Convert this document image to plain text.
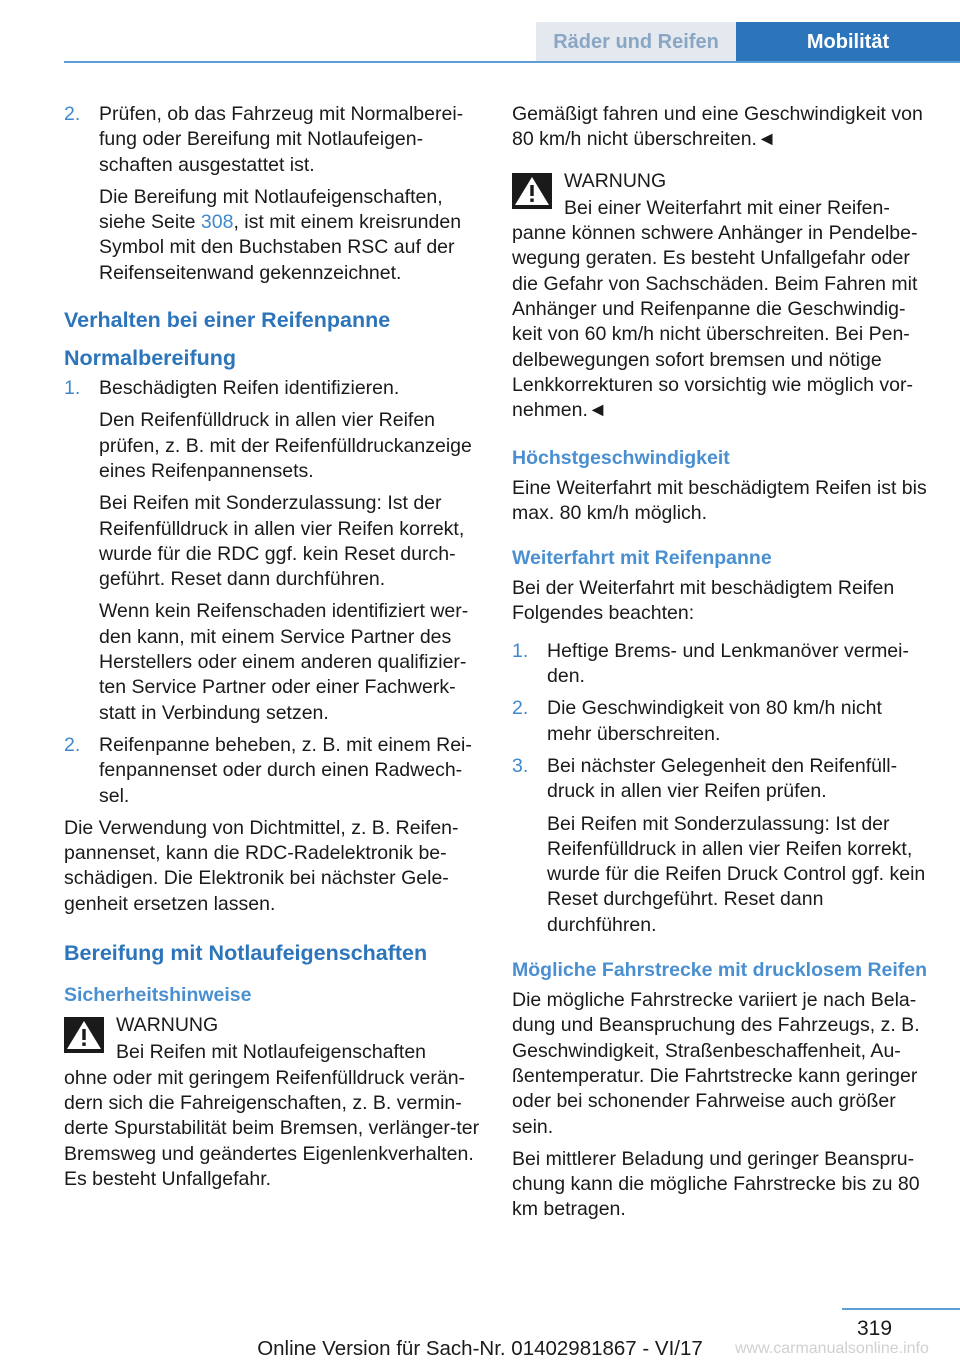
Räder und Reifen	Mobilität
2. Prüfen, ob das Fahrzeug mit Normalberei‐fung oder Bereifung mit Notlaufeigen‐schaften ausgestattet ist.

Die Bereifung mit Notlaufeigenschaften, siehe Seite 308, ist mit einem kreisrunden Symbol mit den Buchstaben RSC auf der Reifenseitenwand gekennzeichnet.

Verhalten bei einer Reifenpanne
Normalbereifung
1. Beschädigten Reifen identifizieren.

Den Reifenfülldruck in allen vier Reifen prüfen, z. B. mit der Reifenfülldruckanzeige eines Reifenpannensets.

Bei Reifen mit Sonderzulassung: Ist der Reifenfülldruck in allen vier Reifen korrekt, wurde für die RDC ggf. kein Reset durch‐geführt. Reset dann durchführen.

Wenn kein Reifenschaden identifiziert wer‐den kann, mit einem Service Partner des Herstellers oder einem anderen qualifizier‐ten Service Partner oder einer Fachwerk‐statt in Verbindung setzen.

2. Reifenpanne beheben, z. B. mit einem Rei‐fenpannenset oder durch einen Radwech‐sel.

Die Verwendung von Dichtmittel, z. B. Reifen‐pannenset, kann die RDC-Radelektronik be‐schädigen. Die Elektronik bei nächster Gele‐genheit ersetzen lassen.

Bereifung mit Notlaufeigenschaften
Sicherheitshinweise
WARNUNG
Bei Reifen mit Notlaufeigenschaften

ohne oder mit geringem Reifenfülldruck verän‐dern sich die Fahreigenschaften, z. B. vermin‐derte Spurstabilität beim Bremsen, verlänger‐ter Bremsweg und geändertes Eigenlenkverhalten. Es besteht Unfallgefahr.

Gemäßigt fahren und eine Geschwindigkeit von 80 km/h nicht überschreiten.◄

WARNUNG
Bei einer Weiterfahrt mit einer Reifen‐

panne können schwere Anhänger in Pendelbe‐wegung geraten. Es besteht Unfallgefahr oder die Gefahr von Sachschäden. Beim Fahren mit Anhänger und Reifenpanne die Geschwindig‐keit von 60 km/h nicht überschreiten. Bei Pen‐delbewegungen sofort bremsen und nötige Lenkkorrekturen so vorsichtig wie möglich vor‐nehmen.◄

Höchstgeschwindigkeit

Eine Weiterfahrt mit beschädigtem Reifen ist bis max. 80 km/h möglich.

Weiterfahrt mit Reifenpanne

Bei der Weiterfahrt mit beschädigtem Reifen Folgendes beachten:

1. Heftige Brems- und Lenkmanöver vermei‐den.
2. Die Geschwindigkeit von 80 km/h nicht mehr überschreiten.
3. Bei nächster Gelegenheit den Reifenfüll‐druck in allen vier Reifen prüfen.

Bei Reifen mit Sonderzulassung: Ist der Reifenfülldruck in allen vier Reifen korrekt, wurde für die Reifen Druck Control ggf. kein Reset durchgeführt. Reset dann durchführen.

Mögliche Fahrstrecke mit drucklosem Reifen

Die mögliche Fahrstrecke variiert je nach Bela‐dung und Beanspruchung des Fahrzeugs, z. B. Geschwindigkeit, Straßenbeschaffenheit, Au‐ßentemperatur. Die Fahrtstrecke kann geringer oder bei schonender Fahrweise auch größer sein.

Bei mittlerer Beladung und geringer Beanspru‐chung kann die mögliche Fahrstrecke bis zu 80 km betragen.

319
Online Version für Sach-Nr. 01402981867 - VI/17	www.carmanualsonline.info
